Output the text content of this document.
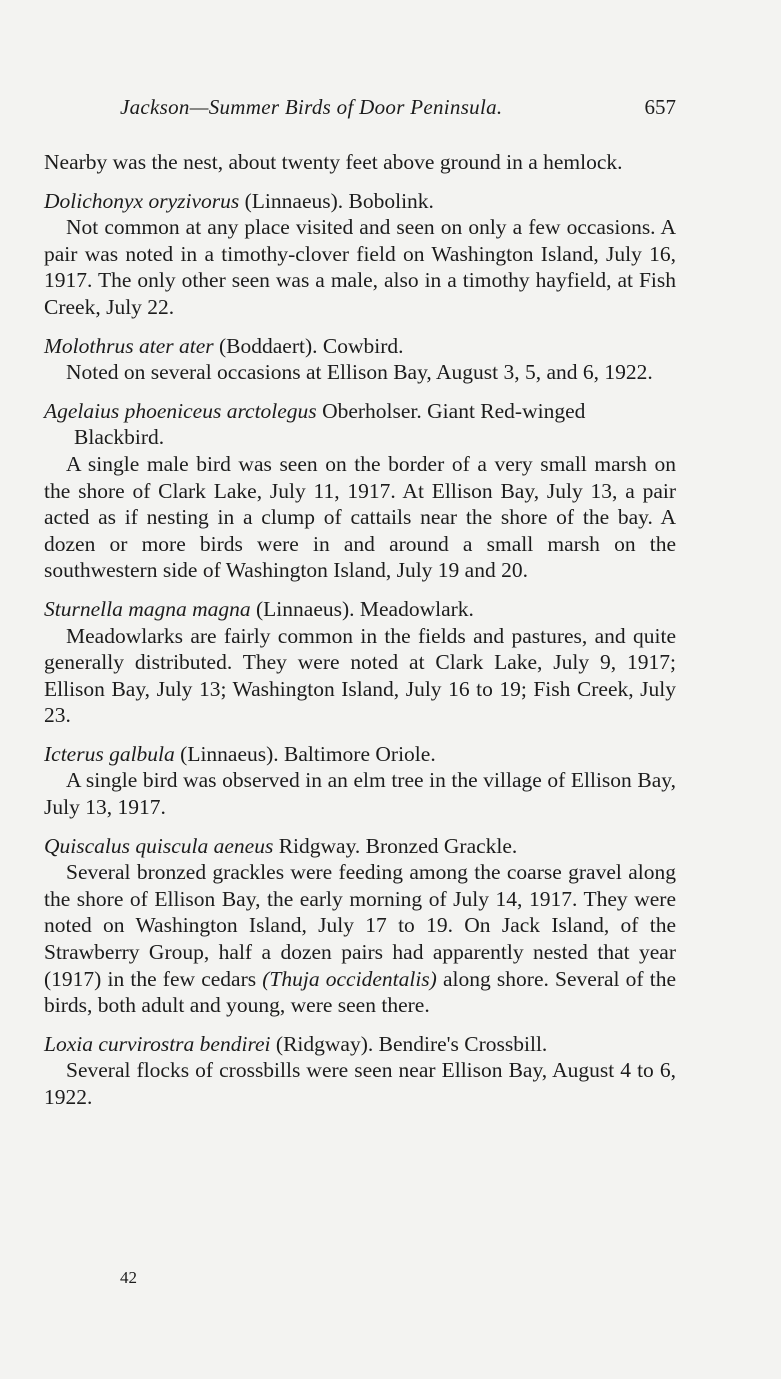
Jackson—Summer Birds of Door Peninsula.	657

Nearby was the nest, about twenty feet above ground in a hemlock.

Dolichonyx oryzivorus (Linnaeus). Bobolink.

Not common at any place visited and seen on only a few occasions. A pair was noted in a timothy-clover field on Washington Island, July 16, 1917. The only other seen was a male, also in a timothy hayfield, at Fish Creek, July 22.

Molothrus ater ater (Boddaert). Cowbird.

Noted on several occasions at Ellison Bay, August 3, 5, and 6, 1922.

Agelaius phoeniceus arctolegus Oberholser. Giant Red-winged Blackbird.

A single male bird was seen on the border of a very small marsh on the shore of Clark Lake, July 11, 1917. At Ellison Bay, July 13, a pair acted as if nesting in a clump of cattails near the shore of the bay. A dozen or more birds were in and around a small marsh on the southwestern side of Washington Island, July 19 and 20.

Sturnella magna magna (Linnaeus). Meadowlark.

Meadowlarks are fairly common in the fields and pastures, and quite generally distributed. They were noted at Clark Lake, July 9, 1917; Ellison Bay, July 13; Washington Island, July 16 to 19; Fish Creek, July 23.

Icterus galbula (Linnaeus). Baltimore Oriole.

A single bird was observed in an elm tree in the village of Ellison Bay, July 13, 1917.

Quiscalus quiscula aeneus Ridgway. Bronzed Grackle.

Several bronzed grackles were feeding among the coarse gravel along the shore of Ellison Bay, the early morning of July 14, 1917. They were noted on Washington Island, July 17 to 19. On Jack Island, of the Strawberry Group, half a dozen pairs had apparently nested that year (1917) in the few cedars (Thuja occidentalis) along shore. Several of the birds, both adult and young, were seen there.

Loxia curvirostra bendirei (Ridgway). Bendire's Crossbill.

Several flocks of crossbills were seen near Ellison Bay, August 4 to 6, 1922.

42
